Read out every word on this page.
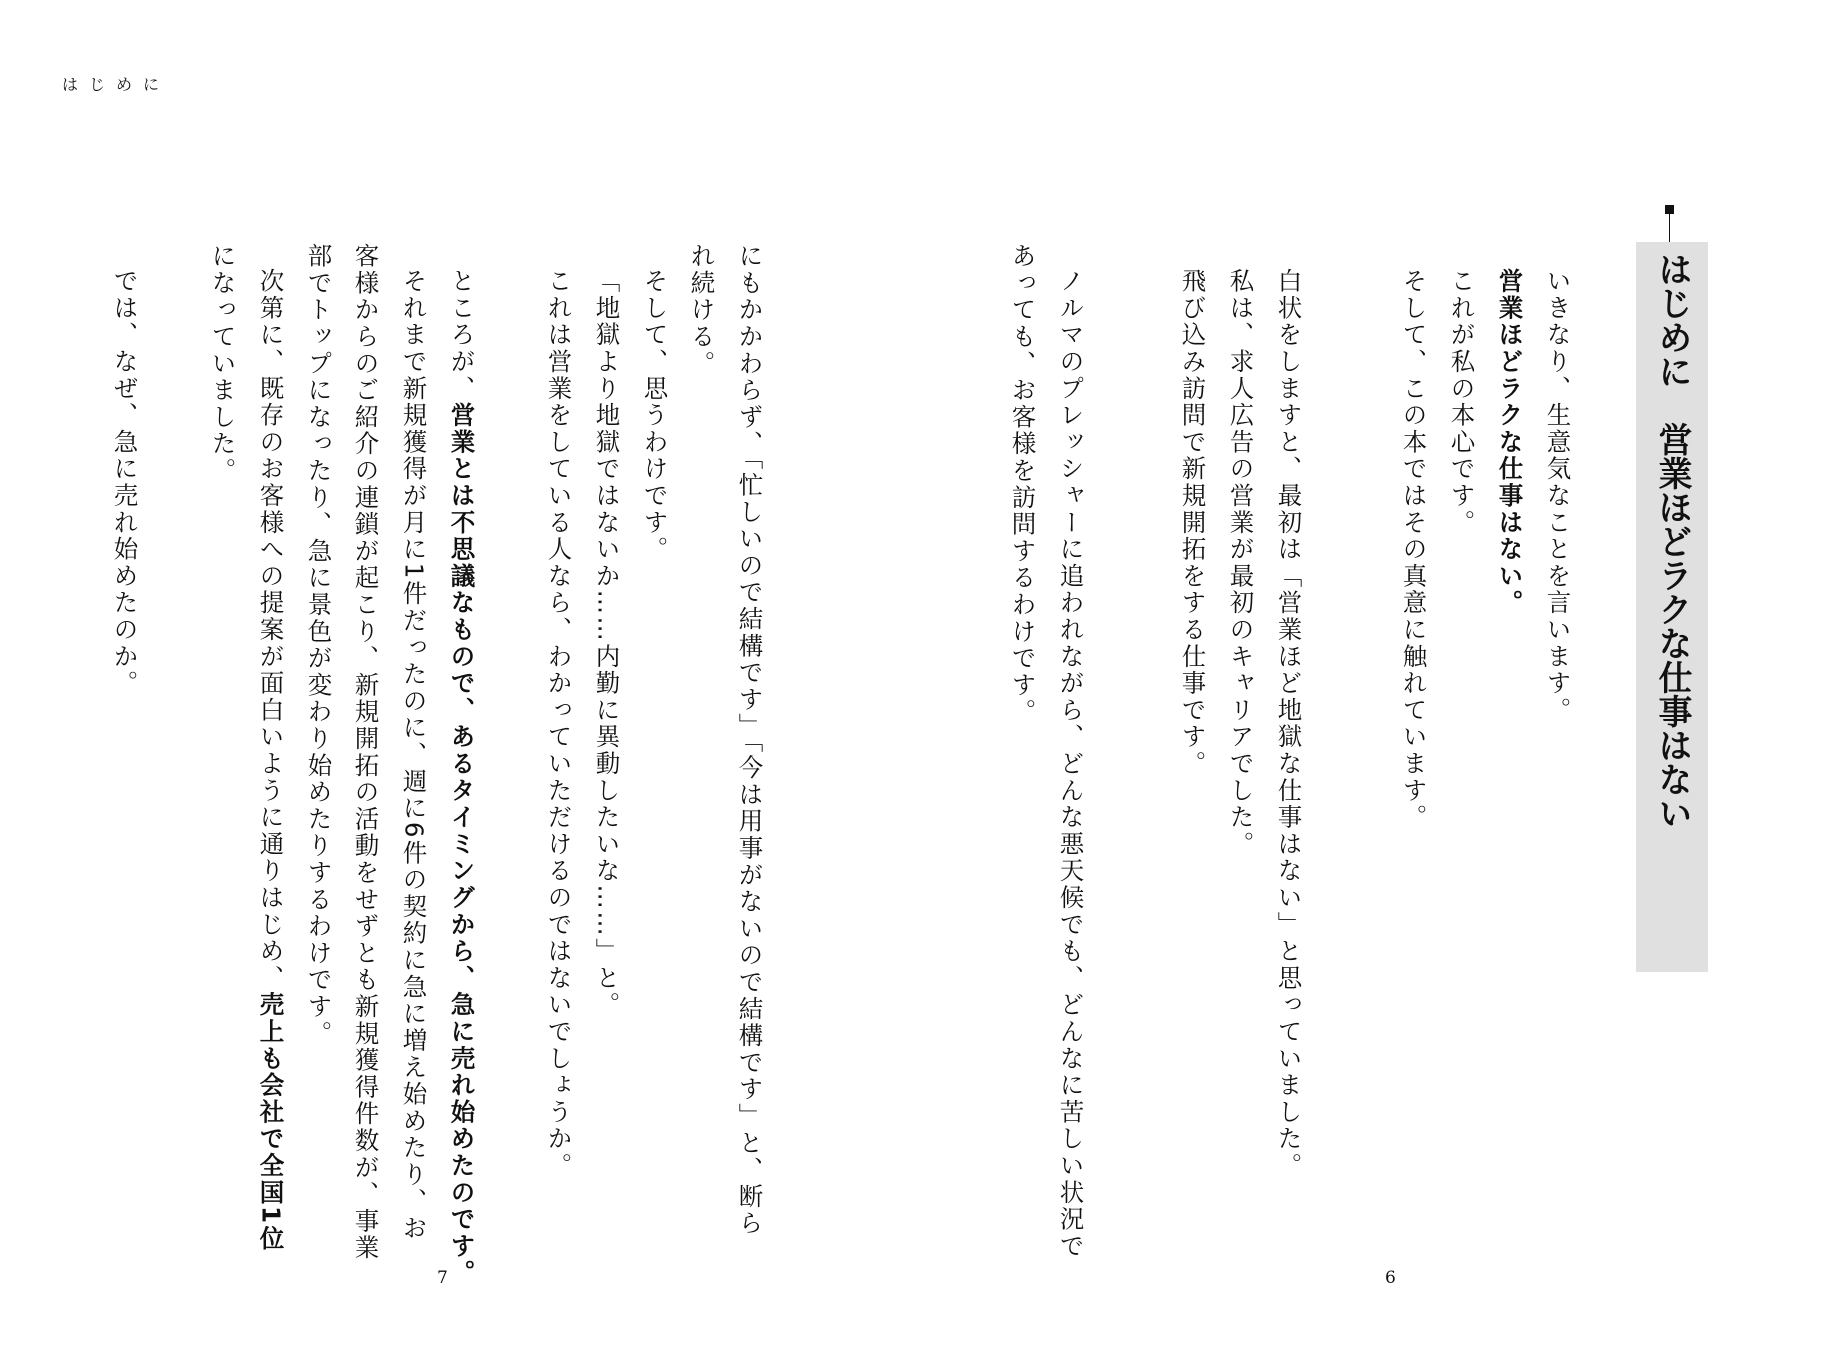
はじめに
はじめに営業ほどラクな仕事はない
いきなり、生意気なことを言います。
営業ほどラクな仕事はない。
これが私の本心です。
そして、この本ではその真意に触れています。
白状をしますと、最初は「営業ほど地獄な仕事はない」と思っていました。
私は、求人広告の営業が最初のキャリアでした。
飛び込み訪問で新規開拓をする仕事です。
ノルマのプレッシャーに追われながら、どんな悪天候でも、どんなに苦しい状況で
あっても、お客様を訪問するわけです。
にもかかわらず、「忙しいので結構です」「今は用事がないので結構です」と、断ら
れ続ける。
そして、思うわけです。
「地獄より地獄ではないか……内勤に異動したいな……」と。
これは営業をしている人なら、わかっていただけるのではないでしょうか。
ところが、営業とは不思議なもので、あるタイミングから、急に売れ始めたのです。
それまで新規獲得が月に1件だったのに、週に6件の契約に急に増え始めたり、お
客様からのご紹介の連鎖が起こり、新規開拓の活動をせずとも新規獲得件数が、事業
部でトップになったり、急に景色が変わり始めたりするわけです。
次第に、既存のお客様への提案が面白いように通りはじめ、売上も会社で全国1位
になっていました。
では、なぜ、急に売れ始めたのか。
7	6
